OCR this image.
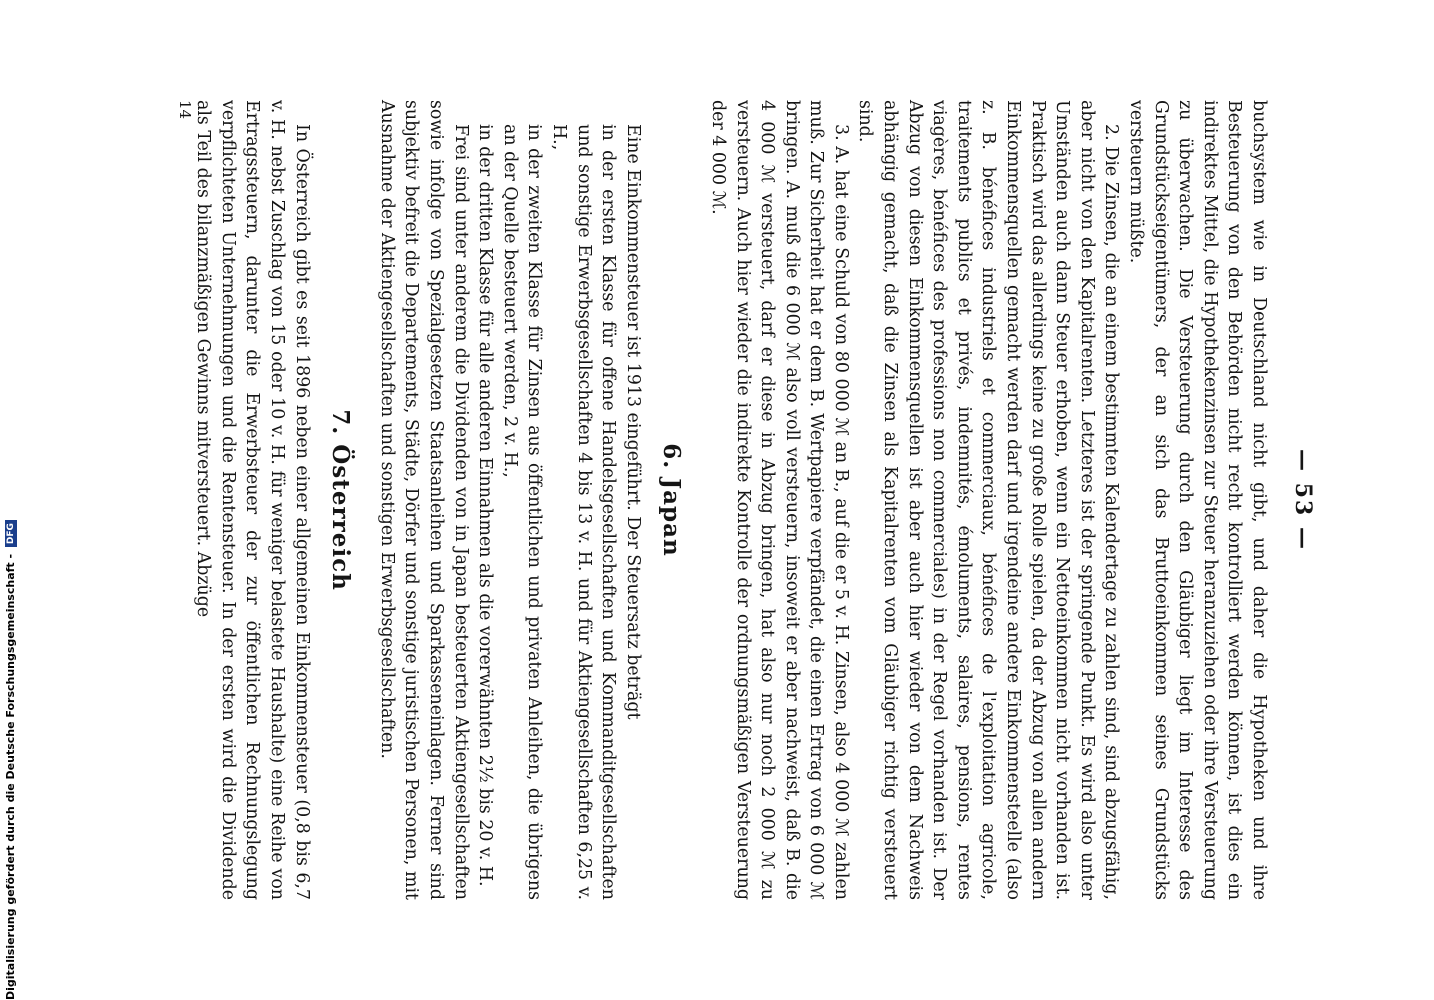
Digitalisierung gefördert durch die Deutsche Forschungsgemeinschaft - DFG	— 53 —

buchsystem wie in Deutschland nicht gibt, und daher die Hypotheken und ihre Besteuerung von den Behörden nicht recht kontrolliert werden können, ist dies ein indirektes Mittel, die Hypothekenzinsen zur Steuer heranzuziehen oder ihre Versteuerung zu überwachen. Die Versteuerung durch den Gläubiger liegt im Interesse des Grundstückseigentümers, der an sich das Bruttoeinkommen seines Grundstücks versteuern müßte.

2. Die Zinsen, die an einem bestimmten Kalendertage zu zahlen sind, sind abzugsfähig, aber nicht von den Kapitalrenten. Letzteres ist der springende Punkt. Es wird also unter Umständen auch dann Steuer erhoben, wenn ein Nettoeinkommen nicht vorhanden ist. Praktisch wird das allerdings keine zu große Rolle spielen, da der Abzug von allen andern Einkommensquellen gemacht werden darf und irgendeine andere Einkommensteelle (also z. B. bénéfices industriels et commerciaux, bénéfices de l'exploitation agricole, traitements publics et privés, indemnités, émoluments, salaires, pensions, rentes viagères, bénéfices des professions non commerciales) in der Regel vorhanden ist. Der Abzug von diesen Einkommensquellen ist aber auch hier wieder von dem Nachweis abhängig gemacht, daß die Zinsen als Kapitalrenten vom Gläubiger richtig versteuert sind.

3. A. hat eine Schuld von 80 000 ℳ an B., auf die er 5 v. H. Zinsen, also 4 000 ℳ zahlen muß. Zur Sicherheit hat er dem B. Wertpapiere verpfändet, die einen Ertrag von 6 000 ℳ bringen. A. muß die 6 000 ℳ also voll versteuern, insoweit er aber nachweist, daß B. die 4 000 ℳ versteuert, darf er diese in Abzug bringen, hat also nur noch 2 000 ℳ zu versteuern. Auch hier wieder die indirekte Kontrolle der ordnungsmäßigen Versteuerung der 4 000 ℳ.

6. Japan

Eine Einkommensteuer ist 1913 eingeführt. Der Steuersatz beträgt

in der ersten Klasse für offene Handelsgesellschaften und Kommanditgesellschaften und sonstige Erwerbsgesellschaften 4 bis 13 v. H. und für Aktiengesellschaften 6,25 v. H.,

in der zweiten Klasse für Zinsen aus öffentlichen und privaten Anleihen, die übrigens an der Quelle besteuert werden, 2 v. H.,

in der dritten Klasse für alle anderen Einnahmen als die vorerwähnten 2½ bis 20 v. H.

Frei sind unter anderem die Dividenden von in Japan besteuerten Aktiengesellschaften sowie infolge von Spezialgesetzen Staatsanleihen und Sparkasseneinlagen. Ferner sind subjektiv befreit die Departements, Städte, Dörfer und sonstige juristischen Personen, mit Ausnahme der Aktiengesellschaften und sonstigen Erwerbsgesellschaften.

7. Österreich

In Österreich gibt es seit 1896 neben einer allgemeinen Einkommensteuer (0,8 bis 6,7 v. H. nebst Zuschlag von 15 oder 10 v. H. für weniger belastete Haushalte) eine Reihe von Ertragssteuern, darunter die Erwerbsteuer der zur öffentlichen Rechnungslegung verpflichteten Unternehmungen und die Rentensteuer. In der ersten wird die Dividende als Teil des bilanzmäßigen Gewinns mitversteuert. Abzüge

14
